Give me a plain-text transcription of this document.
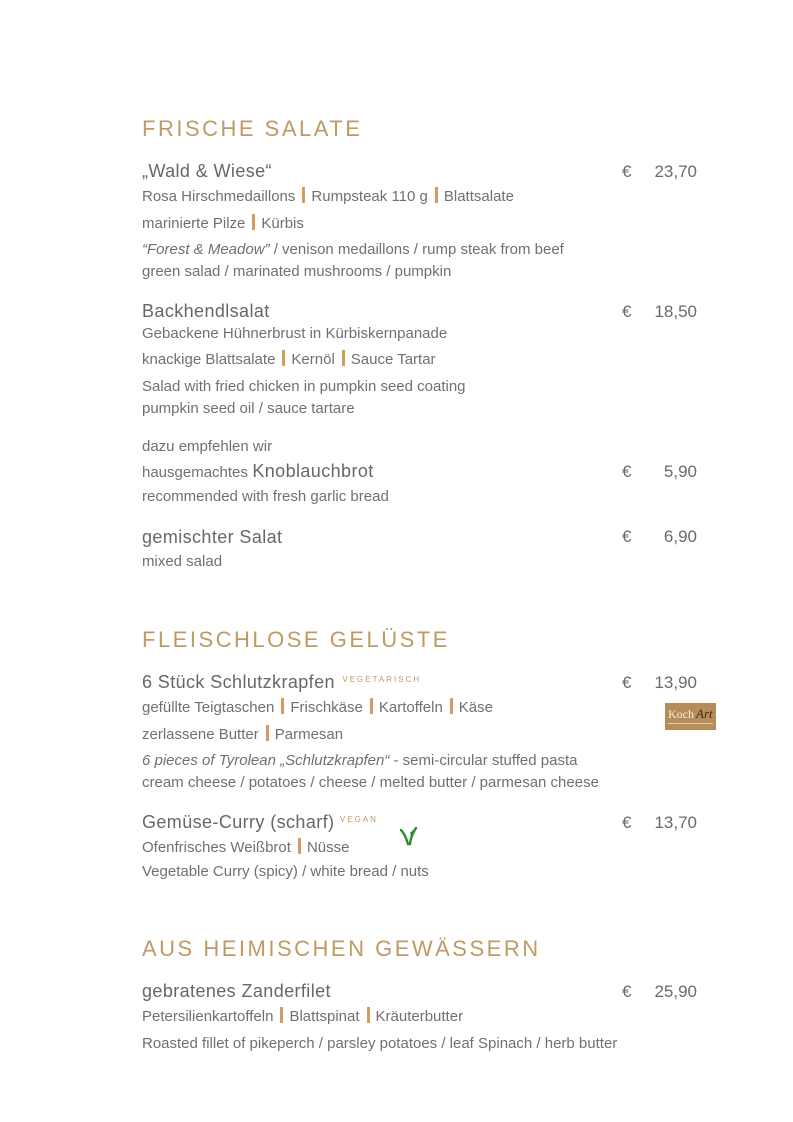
FRISCHE SALATE
„Wald & Wiese“	€	23,70
Rosa Hirschmedaillons Rumpsteak 110 g Blattsalate
marinierte Pilze Kürbis
“Forest & Meadow” / venison medaillons / rump steak from beef
green salad / marinated mushrooms / pumpkin
Backhendlsalat	€	18,50
Gebackene Hühnerbrust in Kürbiskernpanade
knackige Blattsalate Kernöl Sauce Tartar
Salad with fried chicken in pumpkin seed coating
pumpkin seed oil / sauce tartare
dazu empfehlen wir
hausgemachtes Knoblauchbrot	€	5,90
recommended with fresh garlic bread
gemischter Salat	€	6,90
mixed salad
FLEISCHLOSE GELÜSTE
6 Stück Schlutzkrapfen $^{VEGETARISCH}$	€	13,90
gefüllte Teigtaschen Frischkäse Kartoffeln Käse	Koch Art
zerlassene Butter Parmesan
6 pieces of Tyrolean „Schlutzkrapfen“ - semi-circular stuffed pasta
cream cheese / potatoes / cheese / melted butter / parmesan cheese
Gemüse-Curry (scharf) $^{VEGAN}$	€	13,70
Ofenfrisches Weißbrot Nüsse
Vegetable Curry (spicy) / white bread / nuts
AUS HEIMISCHEN GEWÄSSERN
gebratenes Zanderfilet	€	25,90
Petersilienkartoffeln Blattspinat Kräuterbutter
Roasted fillet of pikeperch / parsley potatoes / leaf Spinach / herb butter
